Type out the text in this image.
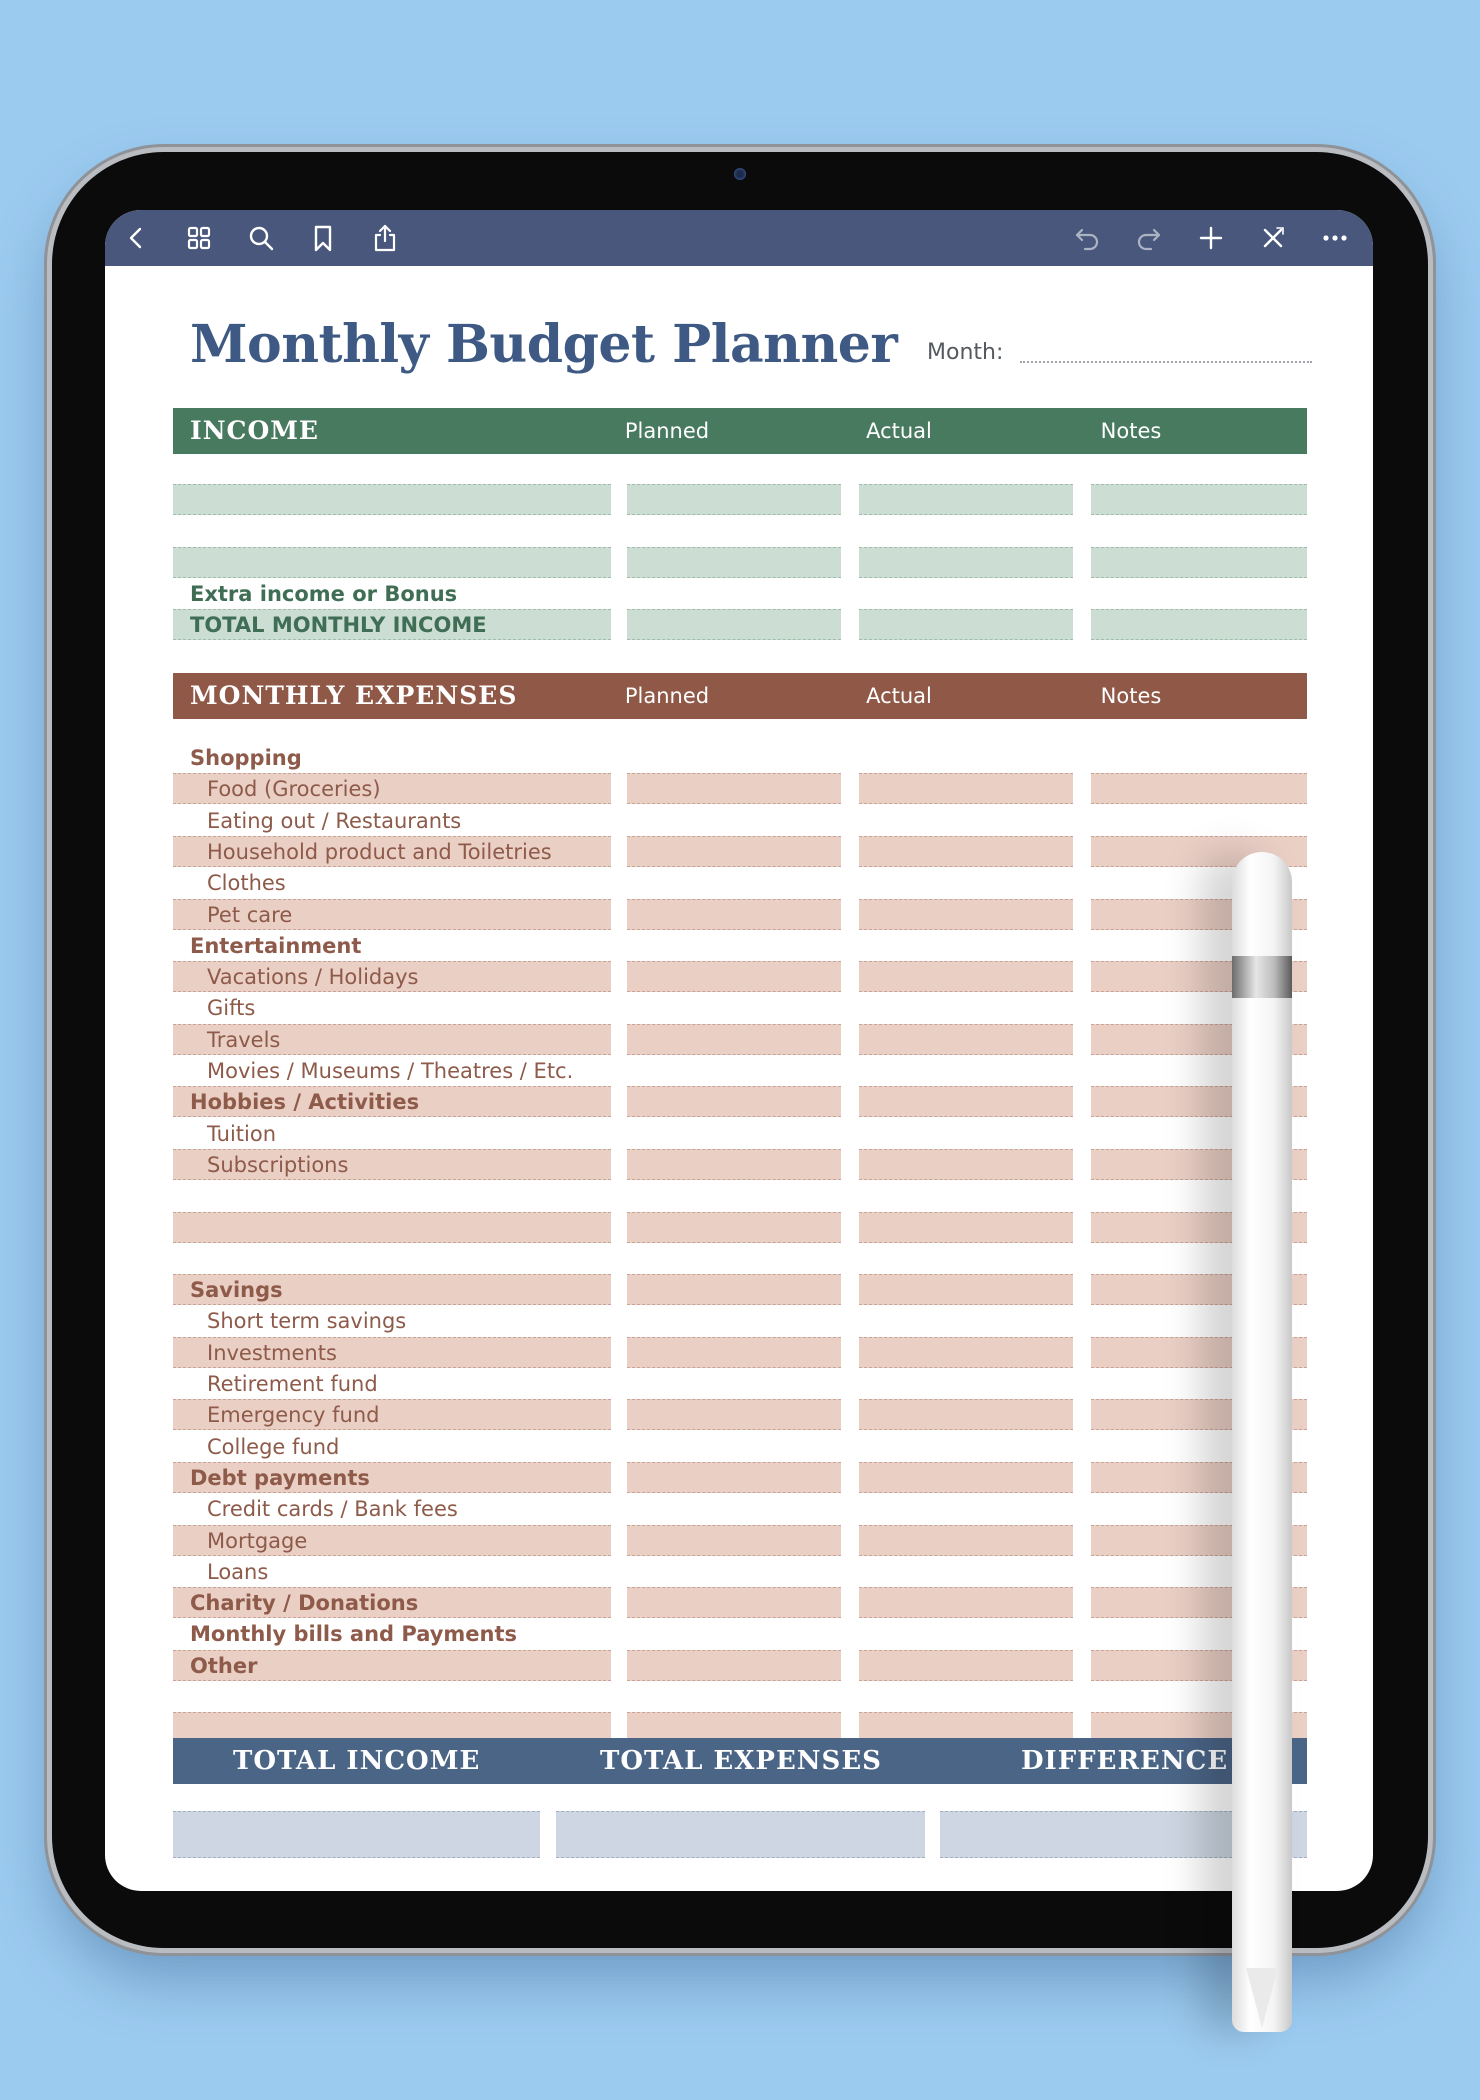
Monthly Budget Planner Month:
INCOME	Planned	Actual	Notes
Extra income or Bonus
TOTAL MONTHLY INCOME
MONTHLY EXPENSES	Planned	Actual	Notes
Shopping
Food (Groceries)
Eating out / Restaurants
Household product and Toiletries
Clothes
Pet care
Entertainment
Vacations / Holidays
Gifts
Travels
Movies / Museums / Theatres / Etc.
Hobbies / Activities
Tuition
Subscriptions
Savings
Short term savings
Investments
Retirement fund
Emergency fund
College fund
Debt payments
Credit cards / Bank fees
Mortgage
Loans
Charity / Donations
Monthly bills and Payments
Other
TOTAL INCOME	TOTAL EXPENSES	DIFFERENCE
